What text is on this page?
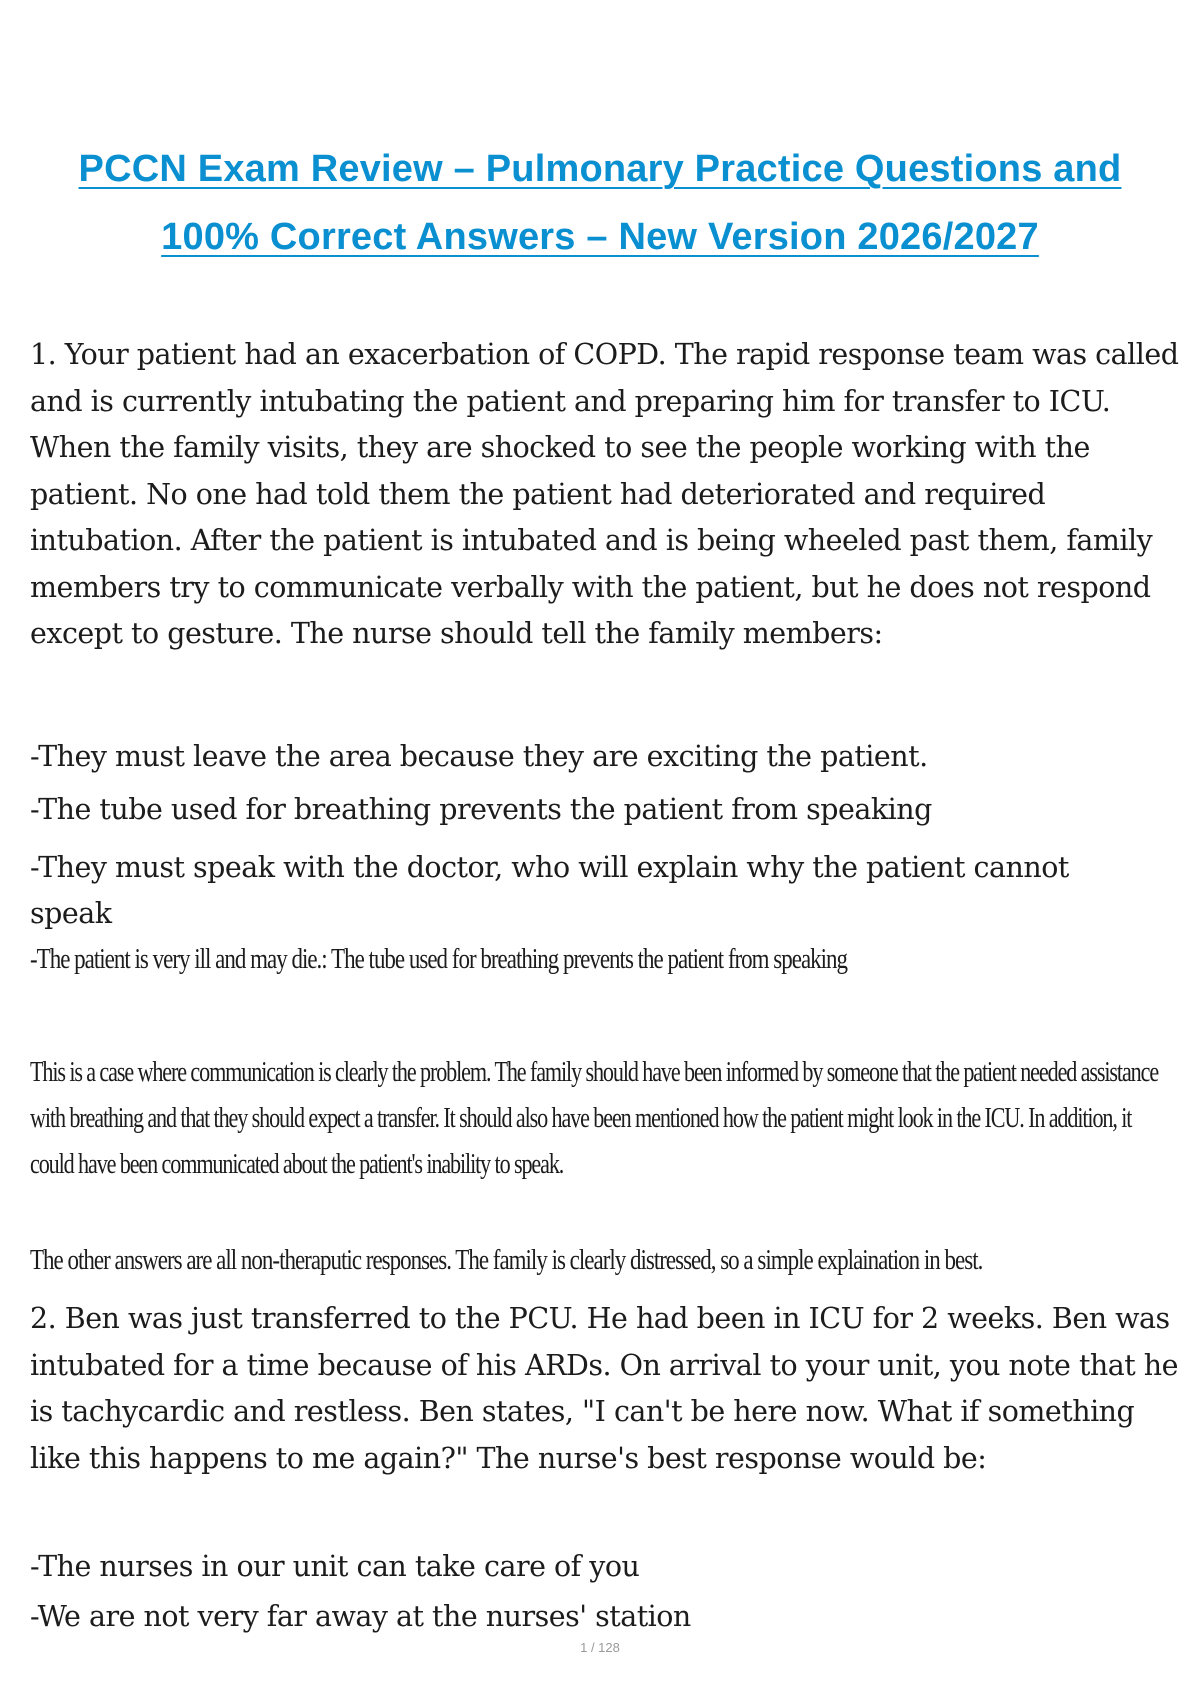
PCCN Exam Review – Pulmonary Practice Questions and
100% Correct Answers – New Version 2026/2027

1. Your patient had an exacerbation of COPD. The rapid response team was called and is currently intubating the patient and preparing him for transfer to ICU. When the family visits, they are shocked to see the people working with the patient. No one had told them the patient had deteriorated and required intubation. After the patient is intubated and is being wheeled past them, family members try to communicate verbally with the patient, but he does not respond except to gesture. The nurse should tell the family members:

-They must leave the area because they are exciting the patient.
-The tube used for breathing prevents the patient from speaking
-They must speak with the doctor, who will explain why the patient cannot speak
-The patient is very ill and may die.: The tube used for breathing prevents the patient from speaking

This is a case where communication is clearly the problem. The family should have been informed by someone that the patient needed assistance with breathing and that they should expect a transfer. It should also have been mentioned how the patient might look in the ICU. In addition, it could have been communicated about the patient's inability to speak.

The other answers are all non-theraputic responses. The family is clearly distressed, so a simple explaination in best.

2. Ben was just transferred to the PCU. He had been in ICU for 2 weeks. Ben was intubated for a time because of his ARDs. On arrival to your unit, you note that he is tachycardic and restless. Ben states, "I can't be here now. What if something like this happens to me again?" The nurse's best response would be:

-The nurses in our unit can take care of you
-We are not very far away at the nurses' station
1 / 128
